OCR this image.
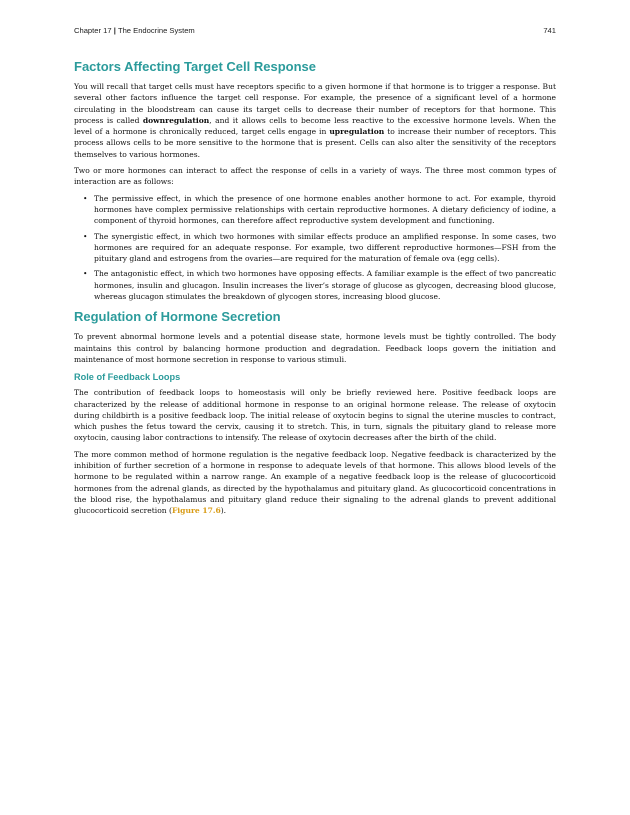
Chapter 17 | The Endocrine System	741
Factors Affecting Target Cell Response

You will recall that target cells must have receptors specific to a given hormone if that hormone is to trigger a response. But several other factors influence the target cell response. For example, the presence of a significant level of a hormone circulating in the bloodstream can cause its target cells to decrease their number of receptors for that hormone. This process is called downregulation, and it allows cells to become less reactive to the excessive hormone levels. When the level of a hormone is chronically reduced, target cells engage in upregulation to increase their number of receptors. This process allows cells to be more sensitive to the hormone that is present. Cells can also alter the sensitivity of the receptors themselves to various hormones.

Two or more hormones can interact to affect the response of cells in a variety of ways. The three most common types of interaction are as follows:

• The permissive effect, in which the presence of one hormone enables another hormone to act. For example, thyroid hormones have complex permissive relationships with certain reproductive hormones. A dietary deficiency of iodine, a component of thyroid hormones, can therefore affect reproductive system development and functioning.
• The synergistic effect, in which two hormones with similar effects produce an amplified response. In some cases, two hormones are required for an adequate response. For example, two different reproductive hormones—FSH from the pituitary gland and estrogens from the ovaries—are required for the maturation of female ova (egg cells).
• The antagonistic effect, in which two hormones have opposing effects. A familiar example is the effect of two pancreatic hormones, insulin and glucagon. Insulin increases the liver’s storage of glucose as glycogen, decreasing blood glucose, whereas glucagon stimulates the breakdown of glycogen stores, increasing blood glucose.
Regulation of Hormone Secretion

To prevent abnormal hormone levels and a potential disease state, hormone levels must be tightly controlled. The body maintains this control by balancing hormone production and degradation. Feedback loops govern the initiation and maintenance of most hormone secretion in response to various stimuli.

Role of Feedback Loops

The contribution of feedback loops to homeostasis will only be briefly reviewed here. Positive feedback loops are characterized by the release of additional hormone in response to an original hormone release. The release of oxytocin during childbirth is a positive feedback loop. The initial release of oxytocin begins to signal the uterine muscles to contract, which pushes the fetus toward the cervix, causing it to stretch. This, in turn, signals the pituitary gland to release more oxytocin, causing labor contractions to intensify. The release of oxytocin decreases after the birth of the child.

The more common method of hormone regulation is the negative feedback loop. Negative feedback is characterized by the inhibition of further secretion of a hormone in response to adequate levels of that hormone. This allows blood levels of the hormone to be regulated within a narrow range. An example of a negative feedback loop is the release of glucocorticoid hormones from the adrenal glands, as directed by the hypothalamus and pituitary gland. As glucocorticoid concentrations in the blood rise, the hypothalamus and pituitary gland reduce their signaling to the adrenal glands to prevent additional glucocorticoid secretion (Figure 17.6).
